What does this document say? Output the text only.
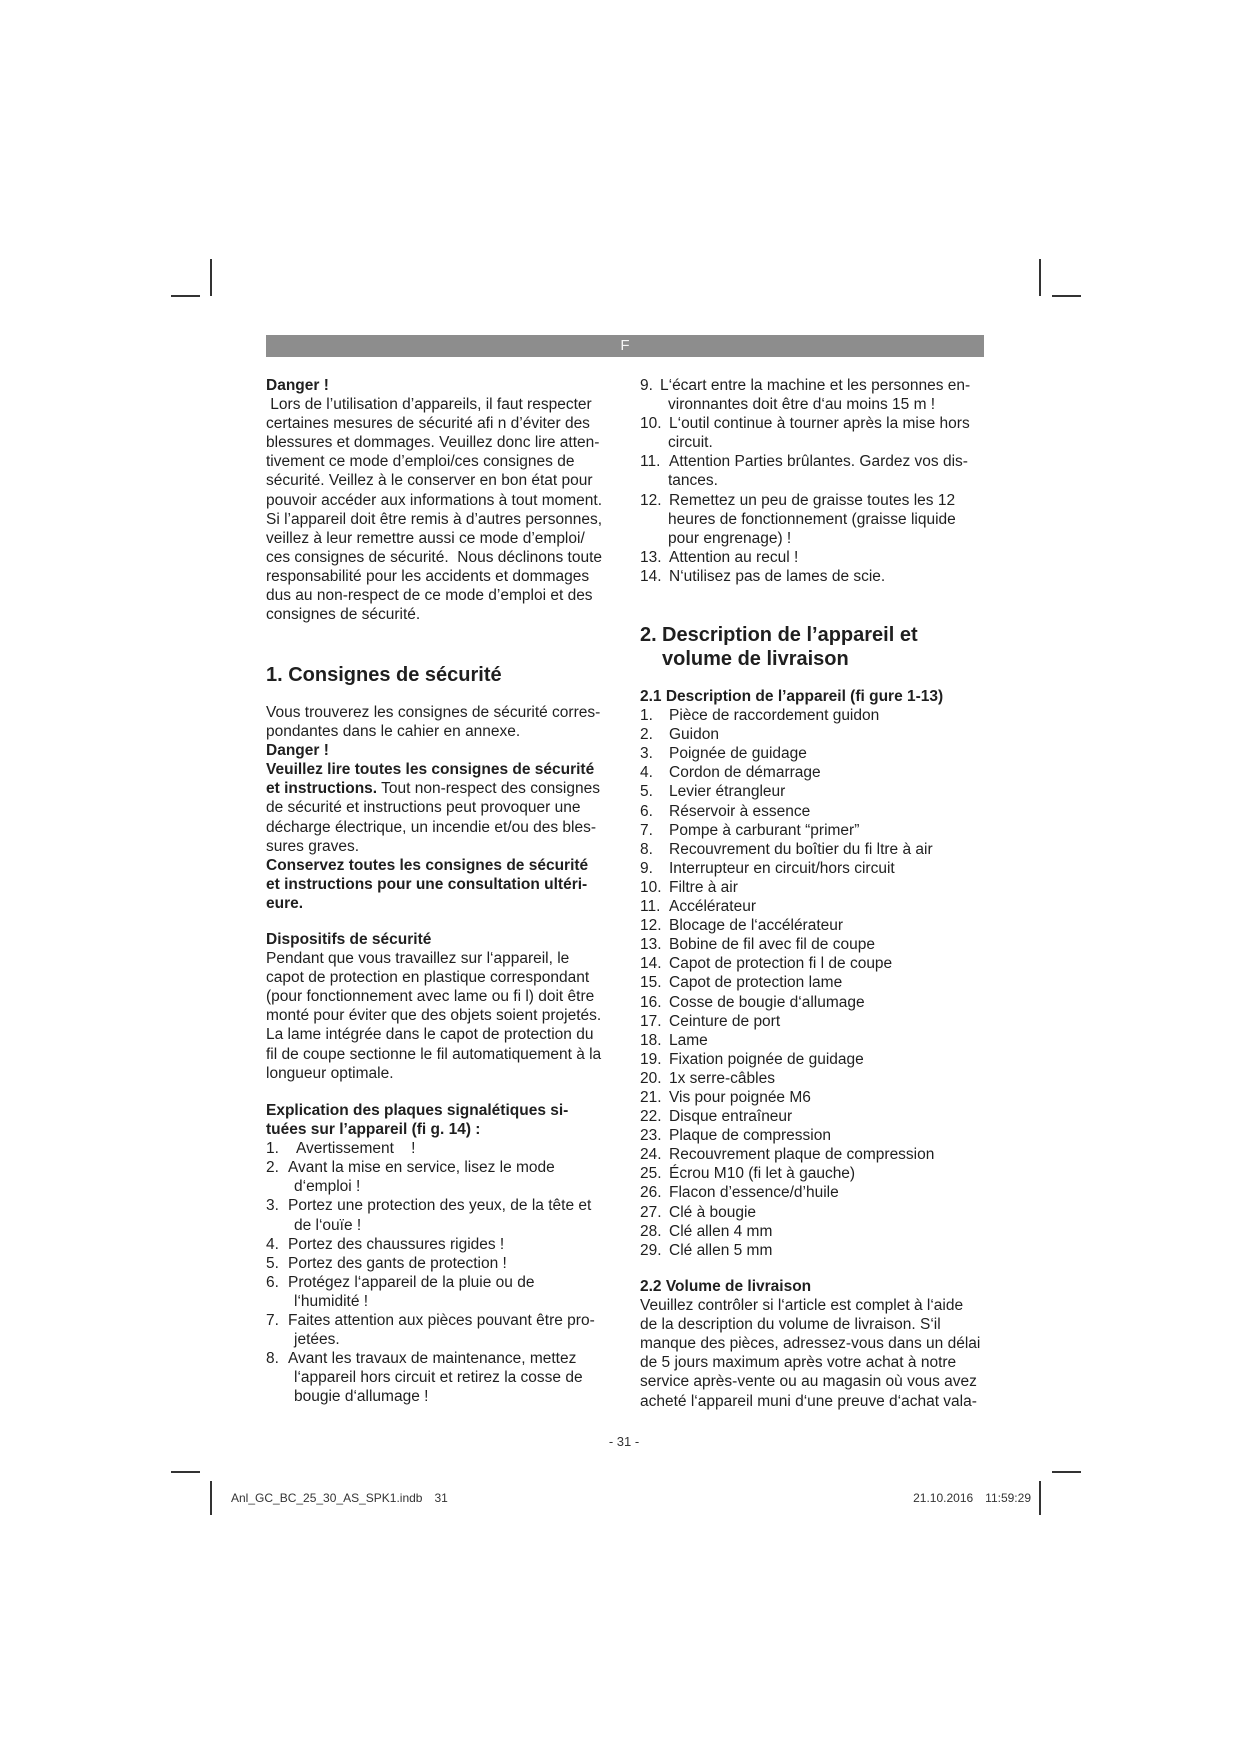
F
Danger !
Lors de l’utilisation d’appareils, il faut respecter
certaines mesures de sécurité afi n d’éviter des
blessures et dommages. Veuillez donc lire atten-
tivement ce mode d’emploi/ces consignes de
sécurité. Veillez à le conserver en bon état pour
pouvoir accéder aux informations à tout moment.
Si l’appareil doit être remis à d’autres personnes,
veillez à leur remettre aussi ce mode d’emploi/
ces consignes de sécurité.  Nous déclinons toute
responsabilité pour les accidents et dommages
dus au non-respect de ce mode d’emploi et des
consignes de sécurité.
1. Consignes de sécurité
Vous trouverez les consignes de sécurité corres-
pondantes dans le cahier en annexe.
Danger !
Veuillez lire toutes les consignes de sécurité
et instructions. Tout non-respect des consignes
de sécurité et instructions peut provoquer une
décharge électrique, un incendie et/ou des bles-
sures graves.
Conservez toutes les consignes de sécurité
et instructions pour une consultation ultéri-
eure.
Dispositifs de sécurité
Pendant que vous travaillez sur l‘appareil, le
capot de protection en plastique correspondant
(pour fonctionnement avec lame ou fi l) doit être
monté pour éviter que des objets soient projetés.
La lame intégrée dans le capot de protection du
fil de coupe sectionne le fil automatiquement à la
longueur optimale.
Explication des plaques signalétiques si-
tuées sur l’appareil (fi g. 14) :
1.	Avertissement    !
2. Avant la mise en service, lisez le mode
d‘emploi !
3. Portez une protection des yeux, de la tête et
de l‘ouïe !
4. Portez des chaussures rigides !
5. Portez des gants de protection !
6. Protégez l‘appareil de la pluie ou de
l‘humidité !
7. Faites attention aux pièces pouvant être pro-
jetées.
8. Avant les travaux de maintenance, mettez
l‘appareil hors circuit et retirez la cosse de
bougie d‘allumage !
9. L‘écart entre la machine et les personnes en-
vironnantes doit être d‘au moins 15 m !
10. L‘outil continue à tourner après la mise hors
circuit.
11. Attention Parties brûlantes. Gardez vos dis-
tances.
12. Remettez un peu de graisse toutes les 12
heures de fonctionnement (graisse liquide
pour engrenage) !
13. Attention au recul !
14. N‘utilisez pas de lames de scie.
2. Description de l’appareil et
volume de livraison
2.1 Description de l’appareil (fi gure 1-13)
1.	Pièce de raccordement guidon
2.	Guidon
3.	Poignée de guidage
4.	Cordon de démarrage
5.	Levier étrangleur
6.	Réservoir à essence
7.	Pompe à carburant “primer”
8.	Recouvrement du boîtier du fi ltre à air
9.	Interrupteur en circuit/hors circuit
10. Filtre à air
11. Accélérateur
12. Blocage de l‘accélérateur
13. Bobine de fil avec fil de coupe
14. Capot de protection fi l de coupe
15. Capot de protection lame
16. Cosse de bougie d‘allumage
17. Ceinture de port
18. Lame
19. Fixation poignée de guidage
20. 1x serre-câbles
21. Vis pour poignée M6
22. Disque entraîneur
23. Plaque de compression
24. Recouvrement plaque de compression
25. Écrou M10 (fi let à gauche)
26. Flacon d’essence/d’huile
27. Clé à bougie
28. Clé allen 4 mm
29. Clé allen 5 mm
2.2 Volume de livraison
Veuillez contrôler si l‘article est complet à l‘aide
de la description du volume de livraison. S‘il
manque des pièces, adressez-vous dans un délai
de 5 jours maximum après votre achat à notre
service après-vente ou au magasin où vous avez
acheté l‘appareil muni d‘une preuve d‘achat vala-
- 31 -
Anl_GC_BC_25_30_AS_SPK1.indb 31	21.10.2016 11:59:29
